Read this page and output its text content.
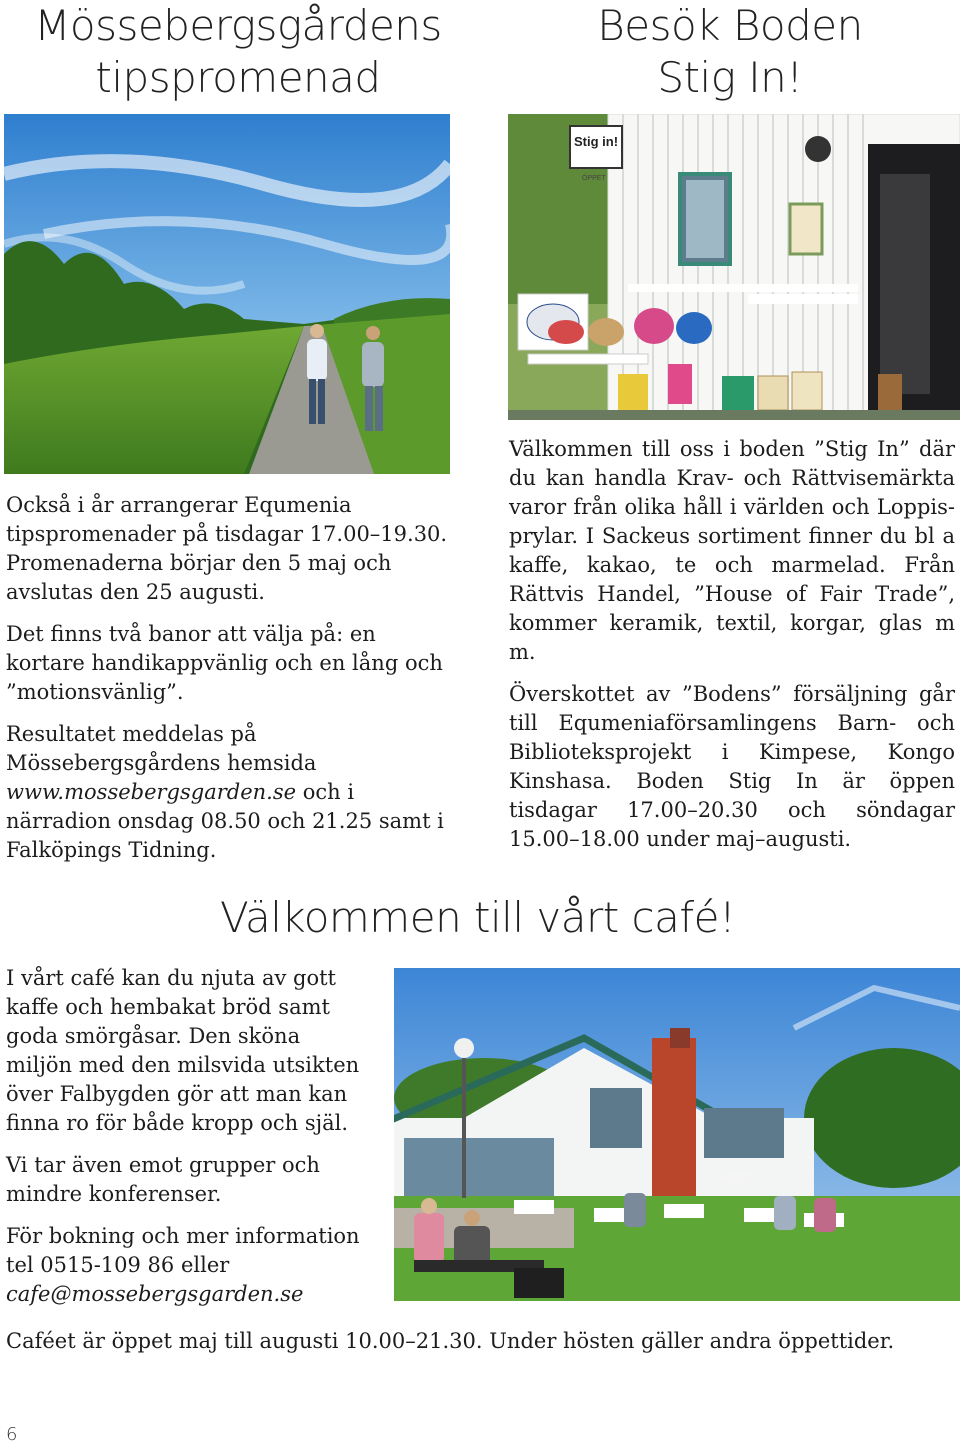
Mössebergsgårdens
tipspromenad
Besök Boden
Stig In!
Stig in!
ÖPPET

Också i år arrangerar Equmenia tipspromenader på tisdagar 17.00–19.30. Promenaderna börjar den 5 maj och avslutas den 25 augusti.

Det finns två banor att välja på: en kortare handikappvänlig och en lång och ”motionsvänlig”.

Resultatet meddelas på Mössebergsgårdens hemsida www.mossebergsgarden.se och i närradion onsdag 08.50 och 21.25 samt i Falköpings Tidning.

Välkommen till oss i boden ”Stig In” där du kan handla Krav- och Rättvisemärkta varor från olika håll i världen och Loppis-prylar. I Sackeus sortiment finner du bl a kaffe, kakao, te och marmelad. Från Rättvis Handel, ”House of Fair Trade”, kommer keramik, textil, korgar, glas m m.

Överskottet av ”Bodens” försäljning går till Equmeniaförsamlingens Barn- och Biblioteksprojekt i Kimpese, Kongo Kinshasa. Boden Stig In är öppen tisdagar 17.00–20.30 och söndagar 15.00–18.00 under maj–augusti.

Välkommen till vårt café!

I vårt café kan du njuta av gott kaffe och hembakat bröd samt goda smörgåsar. Den sköna miljön med den milsvida utsikten över Falbygden gör att man kan finna ro för både kropp och själ.

Vi tar även emot grupper och mindre konferenser.

För bokning och mer information tel 0515-109 86 eller
cafe@mossebergsgarden.se

Caféet är öppet maj till augusti 10.00–21.30. Under hösten gäller andra öppettider.
6
